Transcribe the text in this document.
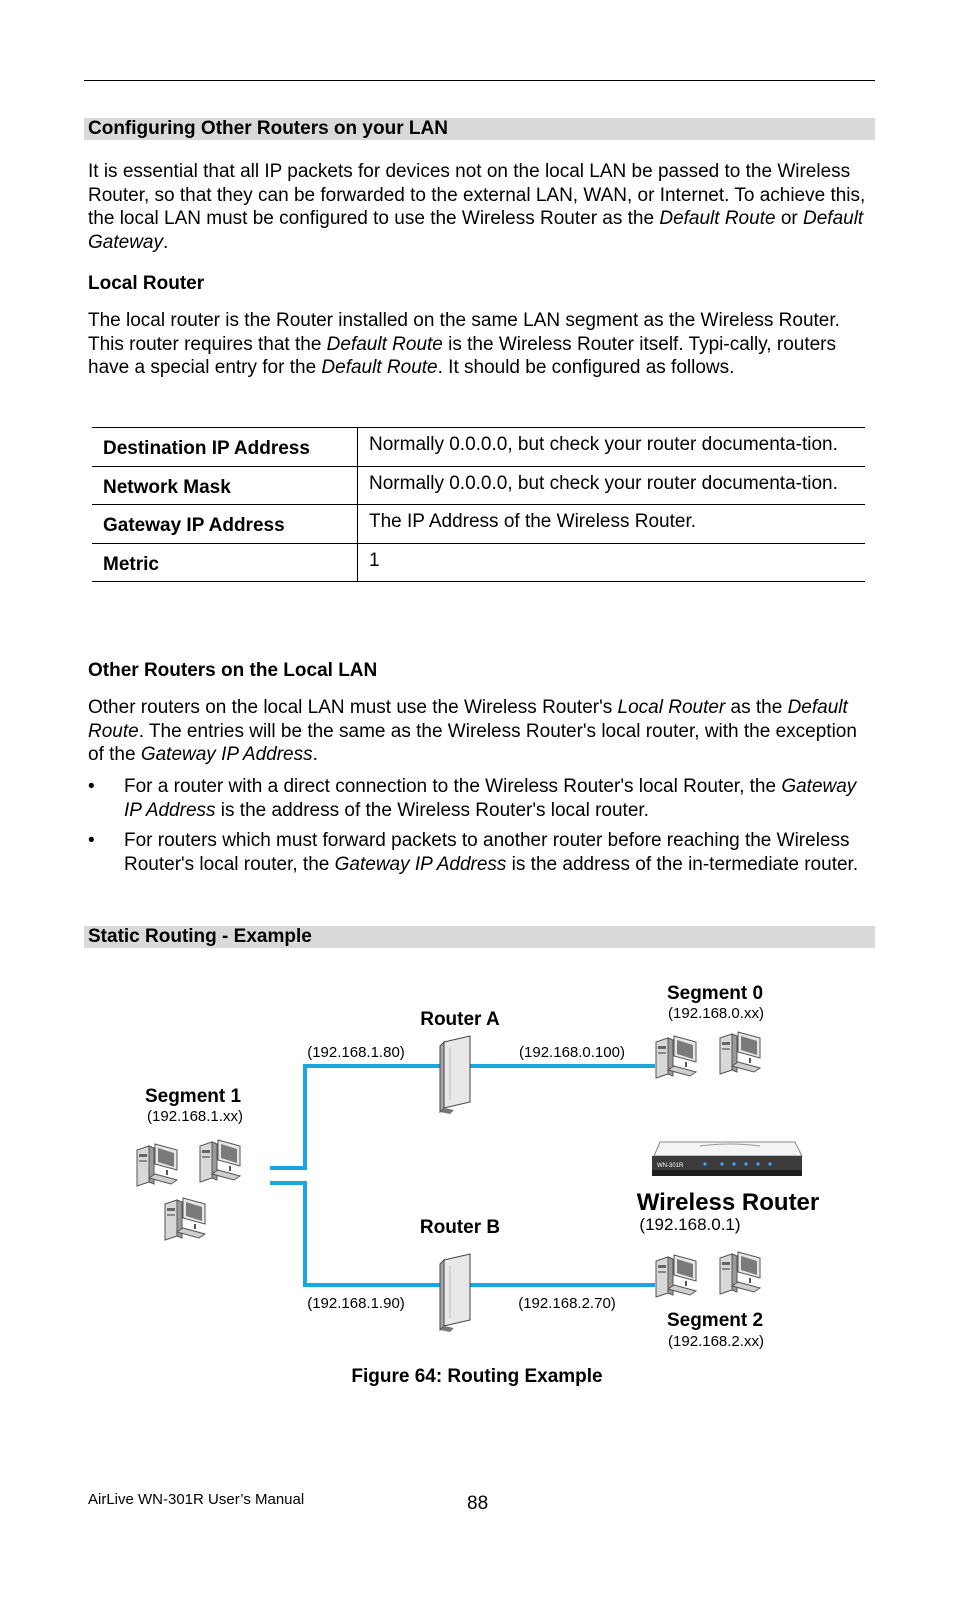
Configuring Other Routers on your LAN
It is essential that all IP packets for devices not on the local LAN be passed to the Wireless Router, so that they can be forwarded to the external LAN, WAN, or Internet. To achieve this, the local LAN must be configured to use the Wireless Router as the Default Route or Default Gateway.
Local Router
The local router is the Router installed on the same LAN segment as the Wireless Router. This router requires that the Default Route is the Wireless Router itself. Typi-cally, routers have a special entry for the Default Route. It should be configured as follows.
Destination IP Address	Normally 0.0.0.0, but check your router documenta-tion.
Network Mask	Normally 0.0.0.0, but check your router documenta-tion.
Gateway IP Address	The IP Address of the Wireless Router.
Metric	1
Other Routers on the Local LAN
Other routers on the local LAN must use the Wireless Router's Local Router as the Default Route. The entries will be the same as the Wireless Router's local router, with the exception of the Gateway IP Address.
• For a router with a direct connection to the Wireless Router's local Router, the Gateway IP Address is the address of the Wireless Router's local router.
• For routers which must forward packets to another router before reaching the Wireless Router's local router, the Gateway IP Address is the address of the in-termediate router.
Static Routing - Example
Router A
(192.168.1.80)	(192.168.0.100)
Router B
(192.168.1.90)	(192.168.2.70)
Segment 0
(192.168.0.xx)
Segment 1
(192.168.1.xx)
WN-301R
Wireless Router
(192.168.0.1)
Segment 2
(192.168.2.xx)
Figure 64: Routing Example
AirLive WN-301R User’s Manual	88
